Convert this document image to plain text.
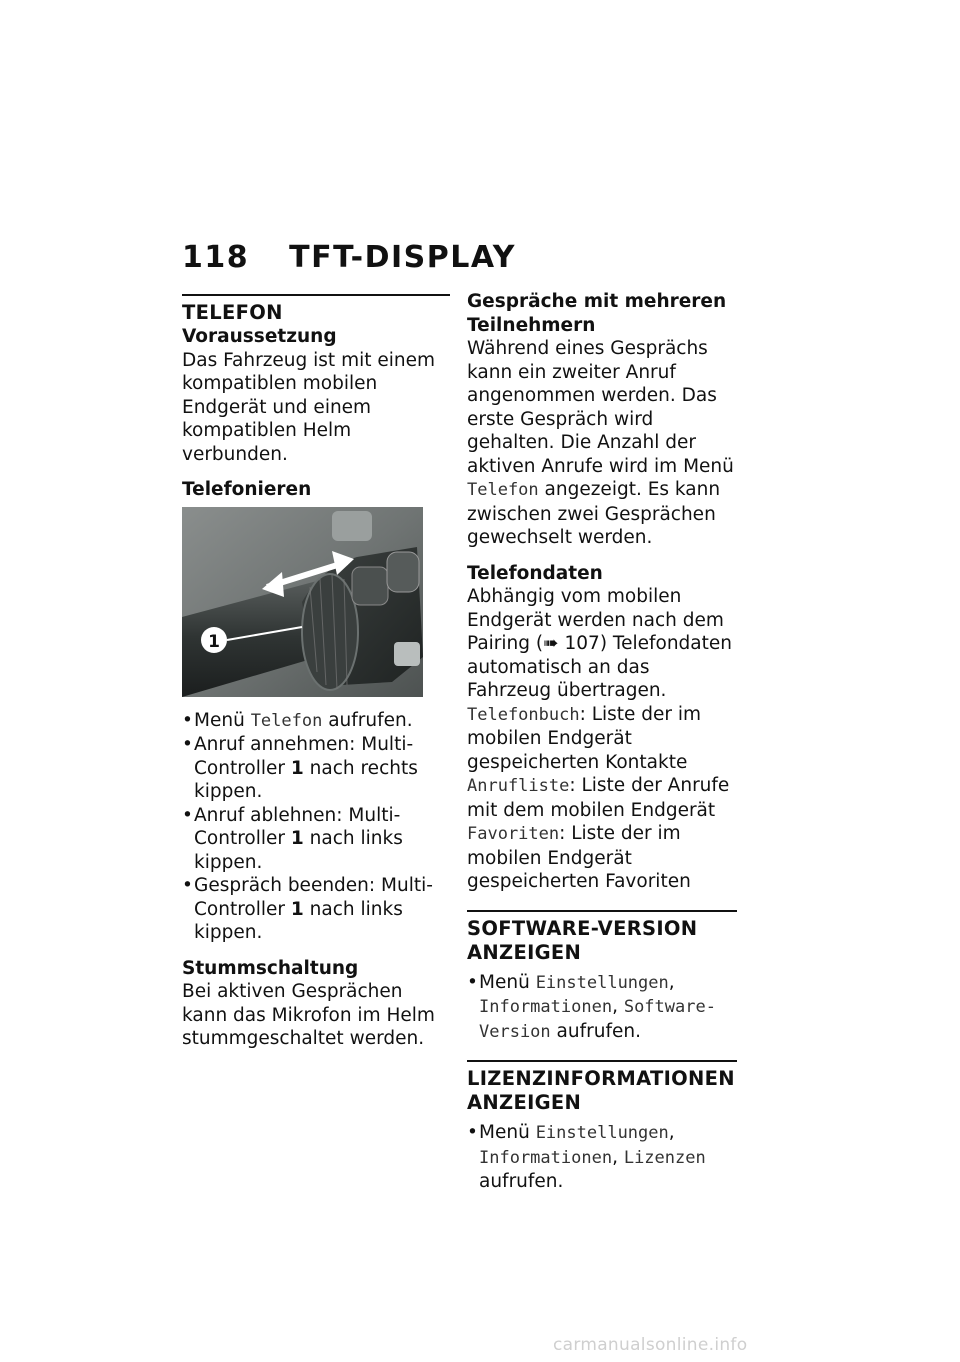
118 TFT-DISPLAY
TELEFON
Voraussetzung

Das Fahrzeug ist mit einem kompatiblen mobilen Endgerät und einem kompatiblen Helm verbunden.

Telefonieren
1
• Menü Telefon aufrufen.
• Anruf annehmen: Multi-Controller 1 nach rechts kippen.
• Anruf ablehnen: Multi-Controller 1 nach links kippen.
• Gespräch beenden: Multi-Controller 1 nach links kippen.
Stummschaltung

Bei aktiven Gesprächen kann das Mikrofon im Helm stummgeschaltet werden.

Gespräche mit mehreren Teilnehmern

Während eines Gesprächs kann ein zweiter Anruf angenommen werden. Das erste Gespräch wird gehalten. Die Anzahl der aktiven Anrufe wird im Menü Telefon angezeigt. Es kann zwischen zwei Gesprächen gewechselt werden.

Telefondaten

Abhängig vom mobilen Endgerät werden nach dem Pairing (➠ 107) Telefondaten automatisch an das Fahrzeug übertragen.

Telefonbuch: Liste der im mobilen Endgerät gespeicherten Kontakte

Anrufliste: Liste der Anrufe mit dem mobilen Endgerät

Favoriten: Liste der im mobilen Endgerät gespeicherten Favoriten

SOFTWARE-VERSION ANZEIGEN
• Menü Einstellungen, Informationen, Software-Version aufrufen.
LIZENZINFORMATIONEN ANZEIGEN
• Menü Einstellungen, Informationen, Lizenzen aufrufen.
carmanualsonline.info
